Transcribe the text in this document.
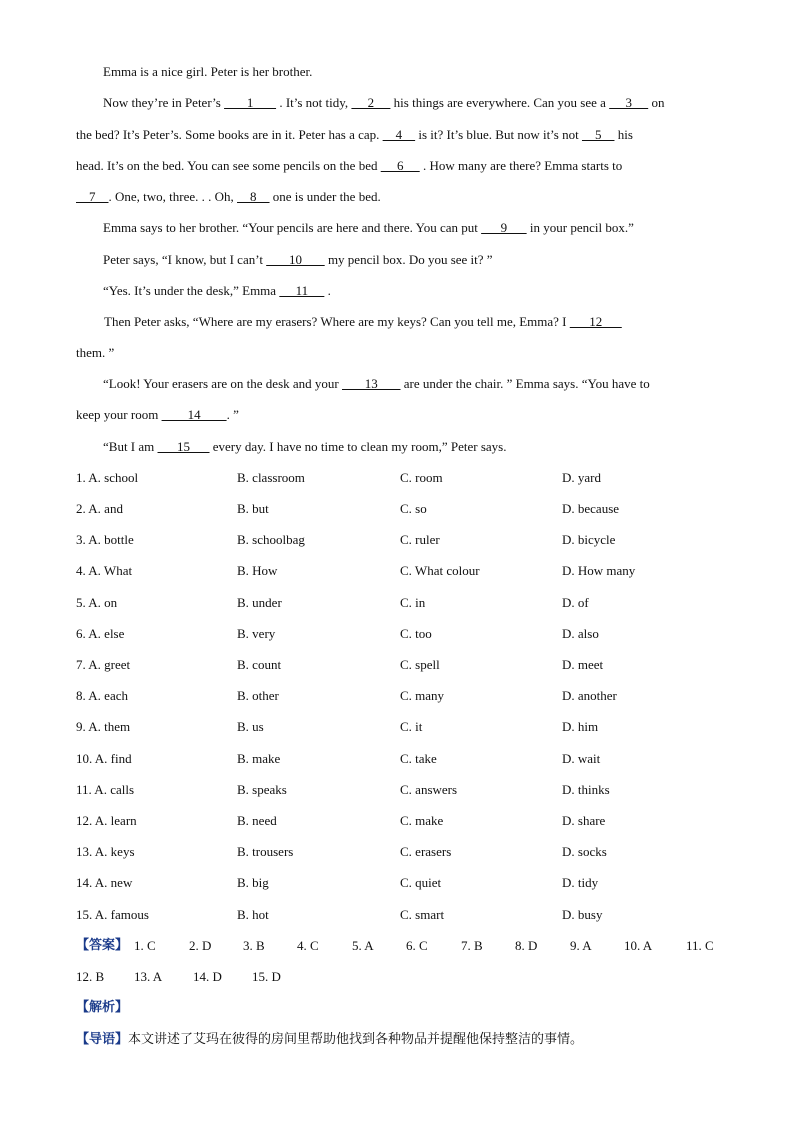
Emma is a nice girl. Peter is her brother.
Now they’re in Peter’s        1        . It’s not tidy,      2      his things are everywhere. Can you see a      3      on
the bed? It’s Peter’s. Some books are in it. Peter has a cap.     4     is it? It’s blue. But now it’s not     5     his
head. It’s on the bed. You can see some pencils on the bed      6      . How many are there? Emma starts to
7    . One, two, three. . . Oh,     8     one is under the bed.
Emma says to her brother. “Your pencils are here and there. You can put       9       in your pencil box.”
Peter says, “I know, but I can’t        10        my pencil box. Do you see it? ”
“Yes. It’s under the desk,” Emma      11      .
Then Peter asks, “Where are my erasers? Where are my keys? Can you tell me, Emma? I       12
them. ”
“Look! Your erasers are on the desk and your        13        are under the chair. ” Emma says. “You have to
keep your room         14        . ”
“But I am       15       every day. I have no time to clean my room,” Peter says.
1. A. school	B. classroom	C. room	D. yard
2. A. and	B. but	C. so	D. because
3. A. bottle	B. schoolbag	C. ruler	D. bicycle
4. A. What	B. How	C. What colour	D. How many
5. A. on	B. under	C. in	D. of
6. A. else	B. very	C. too	D. also
7. A. greet	B. count	C. spell	D. meet
8. A. each	B. other	C. many	D. another
9. A. them	B. us	C. it	D. him
10. A. find	B. make	C. take	D. wait
11. A. calls	B. speaks	C. answers	D. thinks
12. A. learn	B. need	C. make	D. share
13. A. keys	B. trousers	C. erasers	D. socks
14. A. new	B. big	C. quiet	D. tidy
15. A. famous	B. hot	C. smart	D. busy
【答案】 1. C	2. D 3. B 4. C	5. A 6. C	7. B 8. D	9. A 10. A	11. C
12. B 13. A 14. D 15. D
【解析】
【导语】本文讲述了艾玛在彼得的房间里帮助他找到各种物品并提醒他保持整洁的事情。
